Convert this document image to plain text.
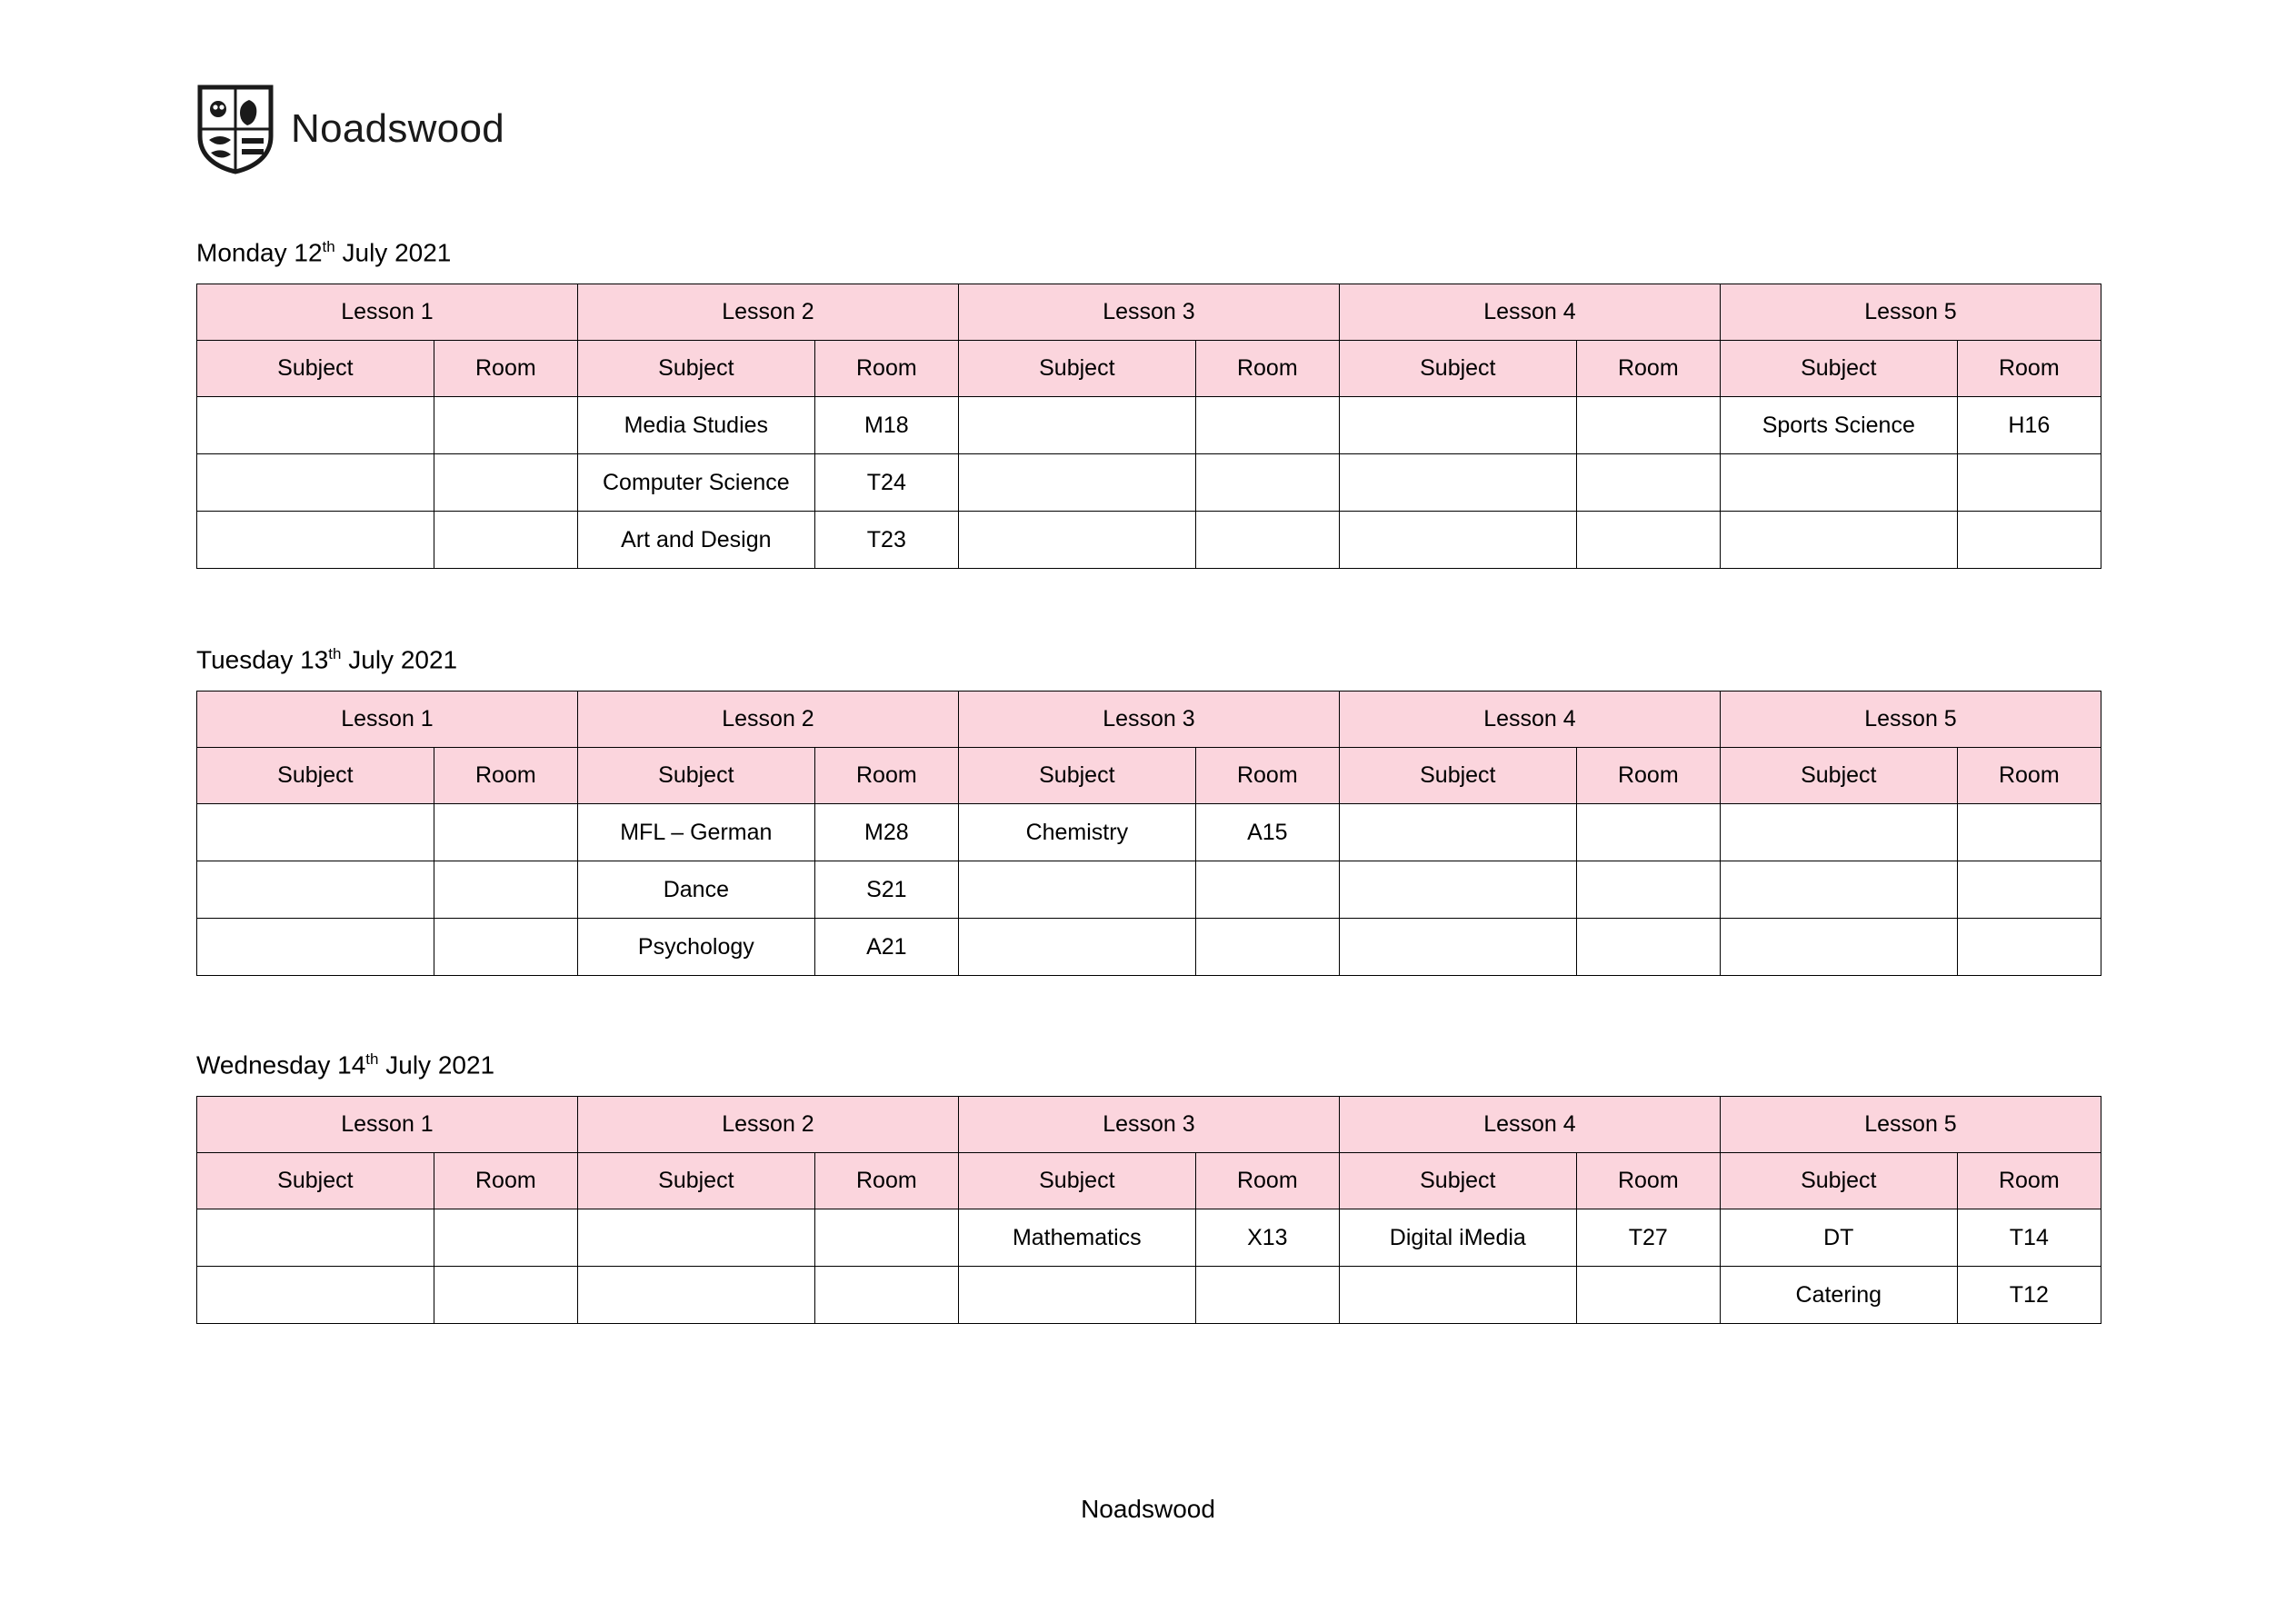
Noadswood
Monday 12th July 2021
Lesson 1		Lesson 2		Lesson 3		Lesson 4		Lesson 5	
Subject	Room	Subject	Room	Subject	Room	Subject	Room	Subject	Room
		Media Studies	M18					Sports Science	H16
		Computer Science	T24						
		Art and Design	T23						
Tuesday 13th July 2021
Lesson 1		Lesson 2		Lesson 3		Lesson 4		Lesson 5	
Subject	Room	Subject	Room	Subject	Room	Subject	Room	Subject	Room
		MFL – German	M28	Chemistry	A15				
		Dance	S21						
		Psychology	A21						
Wednesday 14th July 2021
Lesson 1		Lesson 2		Lesson 3		Lesson 4		Lesson 5	
Subject	Room	Subject	Room	Subject	Room	Subject	Room	Subject	Room
				Mathematics	X13	Digital iMedia	T27	DT	T14
								Catering	T12
Noadswood
